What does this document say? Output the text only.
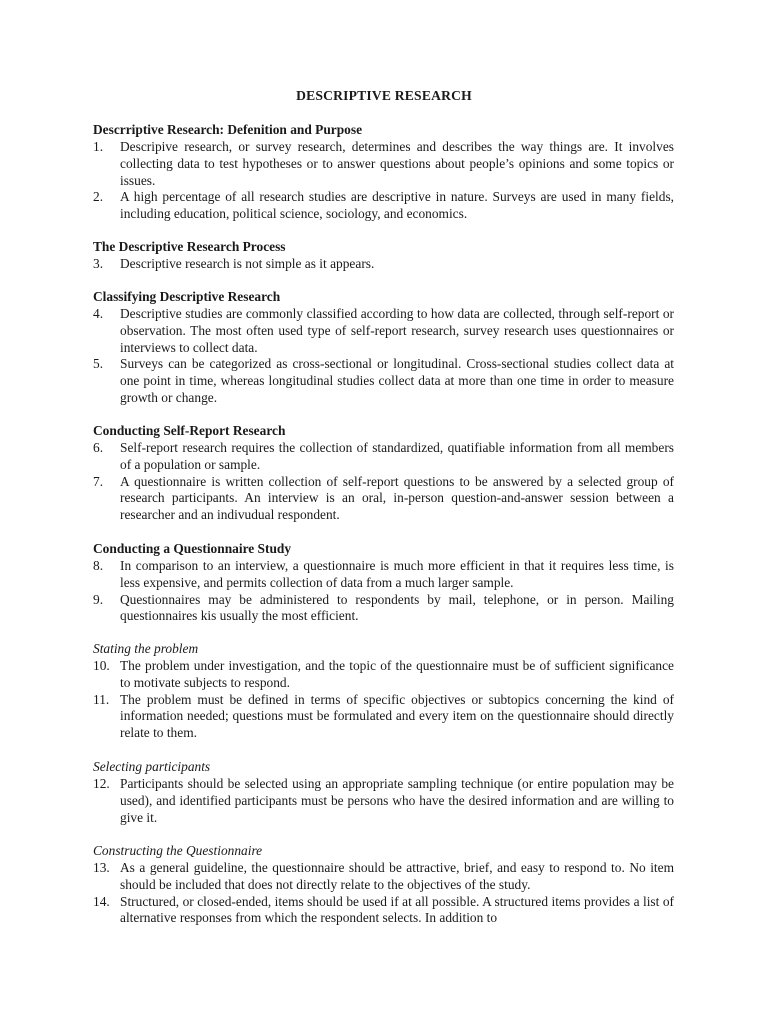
DESCRIPTIVE RESEARCH
Descrriptive Research: Defenition and Purpose
1. Descripive research, or survey research, determines and describes the way things are. It involves collecting data to test hypotheses or to answer questions about people’s opinions and some topics or issues.
2. A high percentage of all research studies are descriptive in nature. Surveys are used in many fields, including education, political science, sociology, and economics.
The Descriptive Research Process
3. Descriptive research is not simple as it appears.
Classifying Descriptive Research
4. Descriptive studies are commonly classified according to how data are collected, through self-report or observation. The most often used type of self-report research, survey research uses questionnaires or interviews to collect data.
5. Surveys can be categorized as cross-sectional or longitudinal. Cross-sectional studies collect data at one point in time, whereas longitudinal studies collect data at more than one time in order to measure growth or change.
Conducting Self-Report Research
6. Self-report research requires the collection of standardized, quatifiable information from all members of a population or sample.
7. A questionnaire is written collection of self-report questions to be answered by a selected group of research participants. An interview is an oral, in-person question-and-answer session between a researcher and an indivudual respondent.
Conducting a Questionnaire Study
8. In comparison to an interview, a questionnaire is much more efficient in that it requires less time, is less expensive, and permits collection of data from a much larger sample.
9. Questionnaires may be administered to respondents by mail, telephone, or in person. Mailing questionnaires kis usually the most efficient.
Stating the problem
10. The problem under investigation, and the topic of the questionnaire must be of sufficient significance to motivate subjects to respond.
11. The problem must be defined in terms of specific objectives or subtopics concerning the kind of information needed; questions must be formulated and every item on the questionnaire should directly relate to them.
Selecting participants
12. Participants should be selected using an appropriate sampling technique (or entire population may be used), and identified participants must be persons who have the desired information and are willing to give it.
Constructing the Questionnaire
13. As a general guideline, the questionnaire should be attractive, brief, and easy to respond to. No item should be included that does not directly relate to the objectives of the study.
14. Structured, or closed-ended, items should be used if at all possible. A structured items provides a list of alternative responses from which the respondent selects. In addition to
